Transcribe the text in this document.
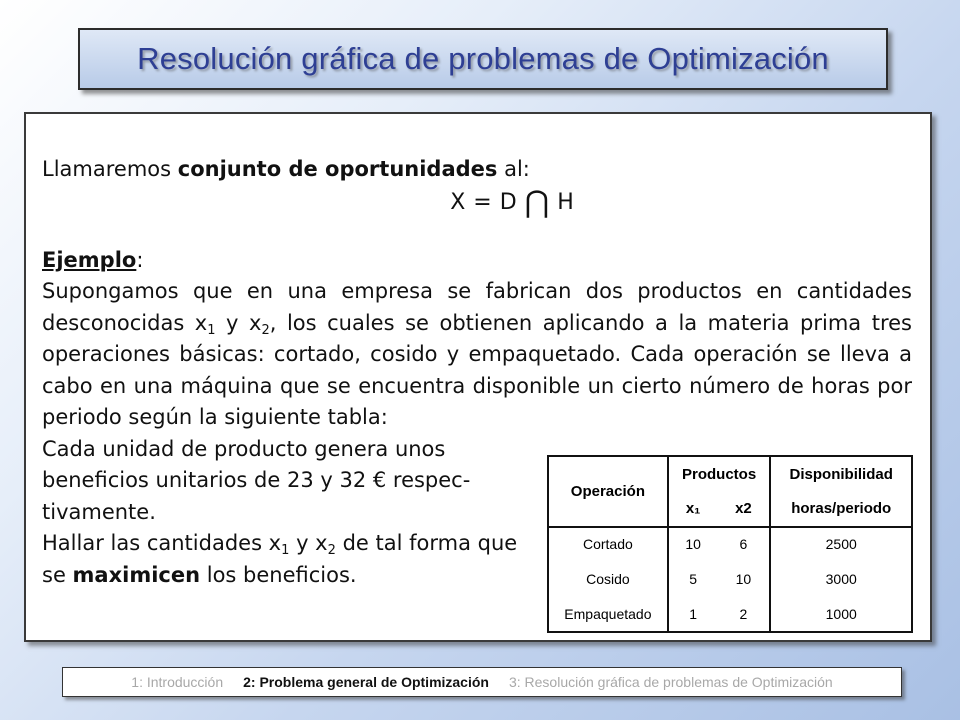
Resolución gráfica de problemas de Optimización
Llamaremos conjunto de oportunidades al:
X = D ⋂ H
Ejemplo:
Supongamos que en una empresa se fabrican dos productos en cantidades desconocidas $x_1$ y $x_2$, los cuales se obtienen aplicando a la materia prima tres operaciones básicas: cortado, cosido y empaquetado. Cada operación se lleva a cabo en una máquina que se encuentra disponible un cierto número de horas por periodo según la siguiente tabla:
Cada unidad de producto genera unos beneficios unitarios de 23 y 32 € respec-tivamente.
Hallar las cantidades $x_1$ y $x_2$ de tal forma que se maximicen los beneficios.
Operación	Productos		Disponibilidad
	x₁	x2	horas/periodo
Cortado	10	6	2500
Cosido	5	10	3000
Empaquetado	1	2	1000
1: Introducción 2: Problema general de Optimización 3: Resolución gráfica de problemas de Optimización
